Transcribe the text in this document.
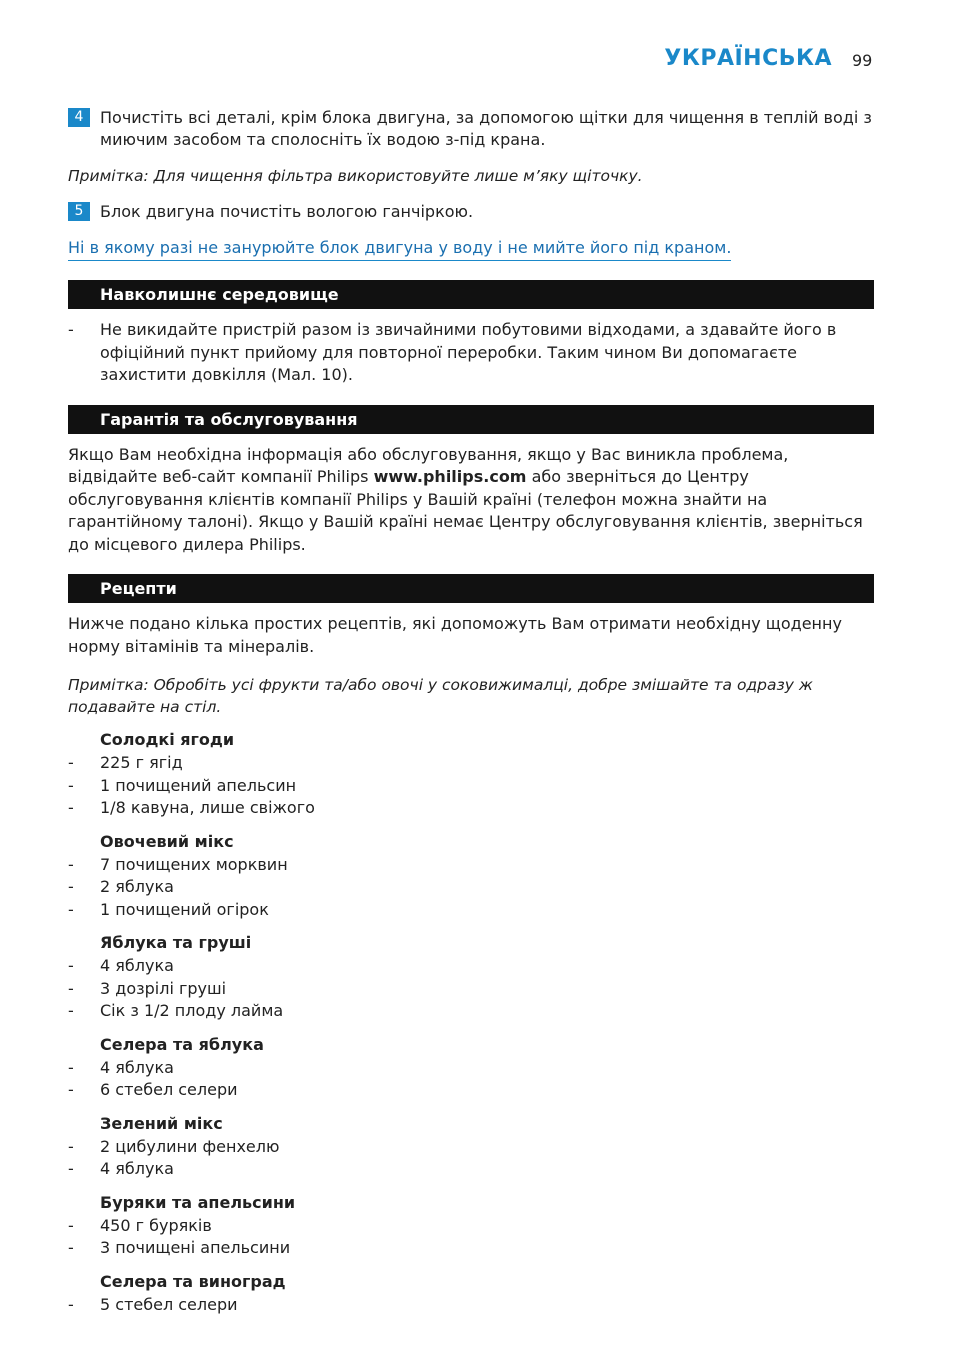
УКРАЇНСЬКА 99
4	Почистіть всі деталі, крім блока двигуна, за допомогою щітки для чищення в теплій воді з миючим засобом та сполосніть їх водою з-під крана.

Примітка: Для чищення фільтра використовуйте лише м’яку щіточку.

5	Блок двигуна почистіть вологою ганчіркою.
Ні в якому разі не занурюйте блок двигуна у воду і не мийте його під краном.
Навколишнє середовище
-	Не викидайте пристрій разом із звичайними побутовими відходами, а здавайте його в офіційний пункт прийому для повторної переробки. Таким чином Ви допомагаєте захистити довкілля (Мал. 10).
Гарантія та обслуговування

Якщо Вам необхідна інформація або обслуговування, якщо у Вас виникла проблема, відвідайте веб-сайт компанії Philips www.philips.com або зверніться до Центру обслуговування клієнтів компанії Philips у Вашій країні (телефон можна знайти на гарантійному талоні). Якщо у Вашій країні немає Центру обслуговування клієнтів, зверніться до місцевого дилера Philips.

Рецепти

Нижче подано кілька простих рецептів, які допоможуть Вам отримати необхідну щоденну норму вітамінів та мінералів.

Примітка: Обробіть усі фрукти та/або овочі у соковижималці, добре змішайте та одразу ж подавайте на стіл.

Солодкі ягоди
-	225 г ягід
-	1 почищений апельсин
-	1/8 кавуна, лише свіжого
Овочевий мікс
-	7 почищених морквин
-	2 яблука
-	1 почищений огірок
Яблука та груші
-	4 яблука
-	3 дозрілі груші
-	Сік з 1/2 плоду лайма
Селера та яблука
-	4 яблука
-	6 стебел селери
Зелений мікс
-	2 цибулини фенхелю
-	4 яблука
Буряки та апельсини
-	450 г буряків
-	3 почищені апельсини
Селера та виноград
-	5 стебел селери
